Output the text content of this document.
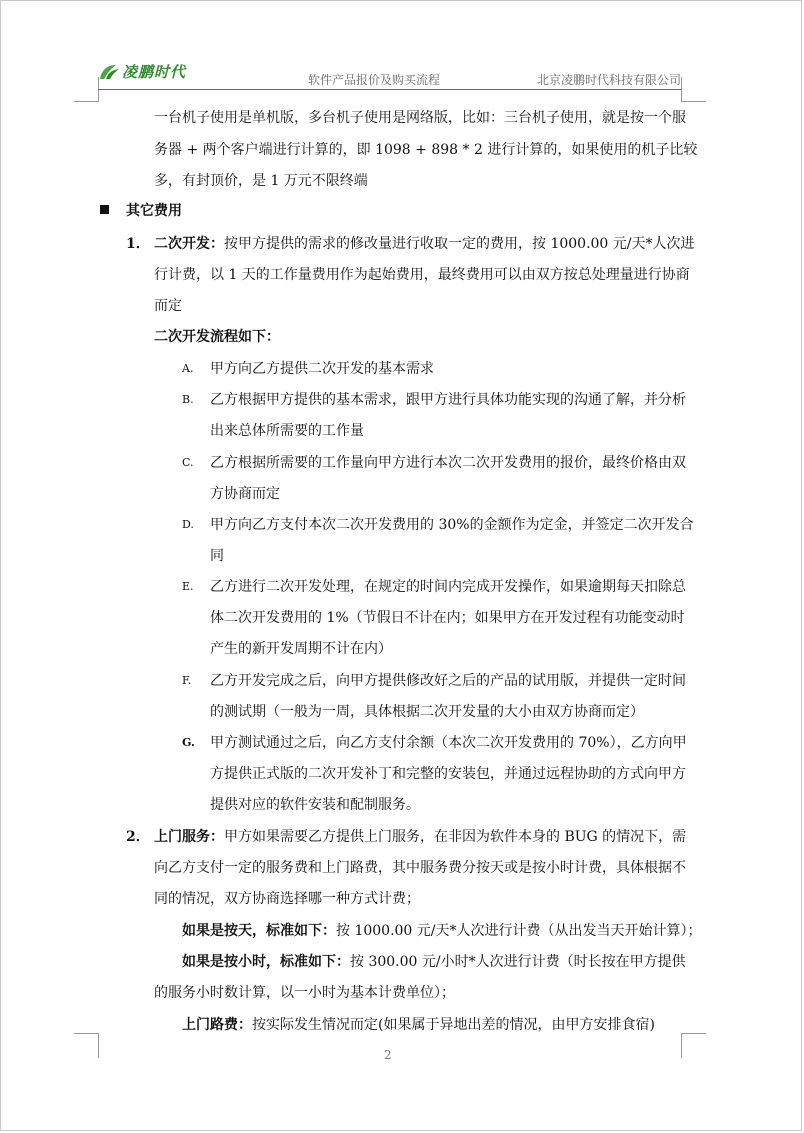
凌鹏时代	软件产品报价及购买流程	北京凌鹏时代科技有限公司
一台机子使用是单机版，多台机子使用是网络版，比如：三台机子使用，就是按一个服
务器 + 两个客户端进行计算的，即 1098 + 898 * 2 进行计算的，如果使用的机子比较
多，有封顶价，是 1 万元不限终端
其它费用
1． 二次开发：按甲方提供的需求的修改量进行收取一定的费用，按 1000.00 元/天*人次进
行计费，以 1 天的工作量费用作为起始费用，最终费用可以由双方按总处理量进行协商
而定
二次开发流程如下：
A. 甲方向乙方提供二次开发的基本需求
B. 乙方根据甲方提供的基本需求，跟甲方进行具体功能实现的沟通了解，并分析
出来总体所需要的工作量
C. 乙方根据所需要的工作量向甲方进行本次二次开发费用的报价，最终价格由双
方协商而定
D. 甲方向乙方支付本次二次开发费用的 30%的金额作为定金，并签定二次开发合
同
E. 乙方进行二次开发处理，在规定的时间内完成开发操作，如果逾期每天扣除总
体二次开发费用的 1%（节假日不计在内；如果甲方在开发过程有功能变动时
产生的新开发周期不计在内）
F. 乙方开发完成之后，向甲方提供修改好之后的产品的试用版，并提供一定时间
的测试期（一般为一周，具体根据二次开发量的大小由双方协商而定）
G. 甲方测试通过之后，向乙方支付余额（本次二次开发费用的 70%），乙方向甲
方提供正式版的二次开发补丁和完整的安装包，并通过远程协助的方式向甲方
提供对应的软件安装和配制服务。
2． 上门服务：甲方如果需要乙方提供上门服务，在非因为软件本身的 BUG 的情况下，需
向乙方支付一定的服务费和上门路费，其中服务费分按天或是按小时计费，具体根据不
同的情况，双方协商选择哪一种方式计费；
如果是按天，标准如下：按 1000.00 元/天*人次进行计费（从出发当天开始计算）；
如果是按小时，标准如下：按 300.00 元/小时*人次进行计费（时长按在甲方提供
的服务小时数计算，以一小时为基本计费单位）；
上门路费：按实际发生情况而定(如果属于异地出差的情况，由甲方安排食宿)
2
